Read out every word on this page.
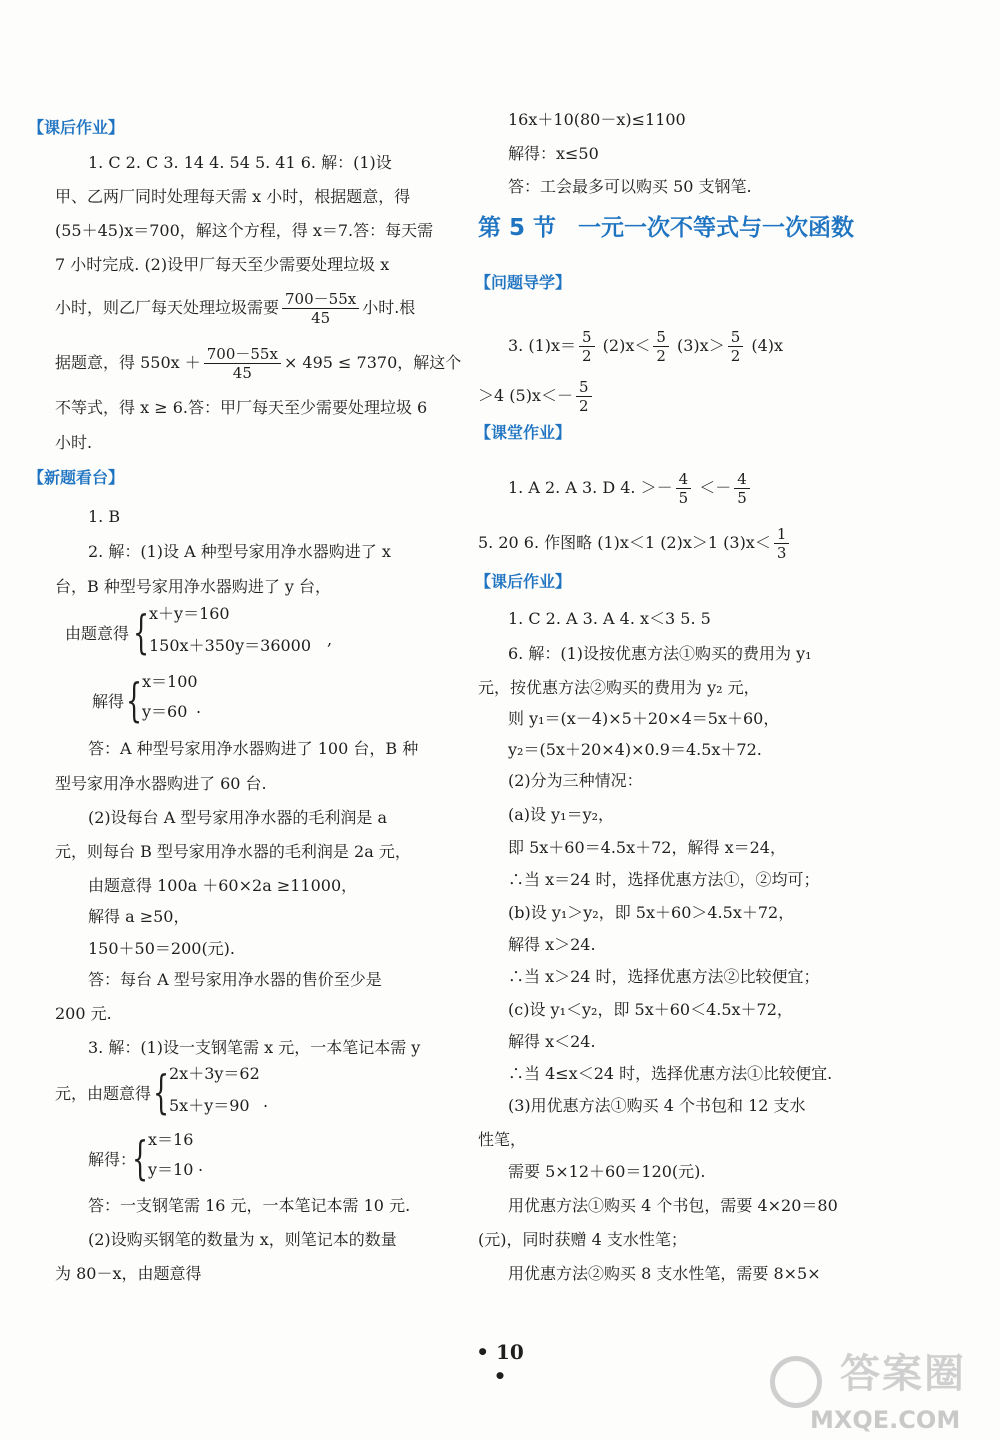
【课后作业】
1. C 2. C 3. 14 4. 54 5. 41 6. 解：(1)设
甲、乙两厂同时处理每天需 x 小时，根据题意，得
(55＋45)x＝700，解这个方程，得 x＝7.答：每天需
7 小时完成. (2)设甲厂每天至少需要处理垃圾 x
小时，则乙厂每天处理垃圾需要 $\frac{700-55x}{45}$ 小时.根
据题意，得 $550x + \frac{700-55x}{45} \times 495 \le 7370$，解这个
不等式，得 x ≥ 6.答：甲厂每天至少需要处理垃圾 6
小时.
【新题看台】
1. B
2. 解：(1)设 A 种型号家用净水器购进了 x
台，B 种型号家用净水器购进了 y 台，
由题意得 { x＋y＝160
150x＋350y＝36000 ,
解得 { x＝100
y＝60 .
答：A 种型号家用净水器购进了 100 台，B 种
型号家用净水器购进了 60 台.
(2)设每台 A 型号家用净水器的毛利润是 a
元，则每台 B 型号家用净水器的毛利润是 2a 元，
由题意得 100a ＋60×2a ≥11000，
解得 a ≥50，
150＋50＝200(元).
答：每台 A 型号家用净水器的售价至少是
200 元.
3. 解：(1)设一支钢笔需 x 元，一本笔记本需 y
元，由题意得 { 2x＋3y＝62
5x＋y＝90 .
解得：
{ x＝16
y＝10 .
答：一支钢笔需 16 元，一本笔记本需 10 元.
(2)设购买钢笔的数量为 x，则笔记本的数量
为 80－x，由题意得
16x＋10(80－x)≤1100
解得：x≤50
答：工会最多可以购买 50 支钢笔.
第 5 节 一元一次不等式与一次函数
【问题导学】
3. $(1)x= \frac{5}{2} (2)x< \frac{5}{2} (3)x> \frac{5}{2} (4)x$
＞4 $(5)x<- \frac{5}{2}$
【课堂作业】
1. A 2. A 3. D 4. ＞－ $\frac{4}{5} <- \frac{4}{5}$
5. 20 6. 作图略 (1)x＜1 (2)x＞1 $(3)x< \frac{1}{3}$
【课后作业】
1. C 2. A 3. A 4. x＜3 5. 5
6. 解：(1)设按优惠方法①购买的费用为 y₁
元，按优惠方法②购买的费用为 y₂ 元，
则 y₁＝(x－4)×5＋20×4＝5x＋60，
y₂＝(5x＋20×4)×0.9＝4.5x＋72.
(2)分为三种情况：
(a)设 y₁＝y₂，
即 5x＋60＝4.5x＋72，解得 x＝24，
∴当 x＝24 时，选择优惠方法①，②均可；
(b)设 y₁＞y₂，即 5x＋60＞4.5x＋72，
解得 x＞24.
∴当 x＞24 时，选择优惠方法②比较便宜；
(c)设 y₁＜y₂，即 5x＋60＜4.5x＋72，
解得 x＜24.
∴当 4≤x＜24 时，选择优惠方法①比较便宜.
(3)用优惠方法①购买 4 个书包和 12 支水
性笔，
需要 5×12＋60＝120(元).
用优惠方法①购买 4 个书包，需要 4×20＝80
(元)，同时获赠 4 支水性笔；
用优惠方法②购买 8 支水性笔，需要 8×5×
• 10 •	答案圈
MXQE.COM
